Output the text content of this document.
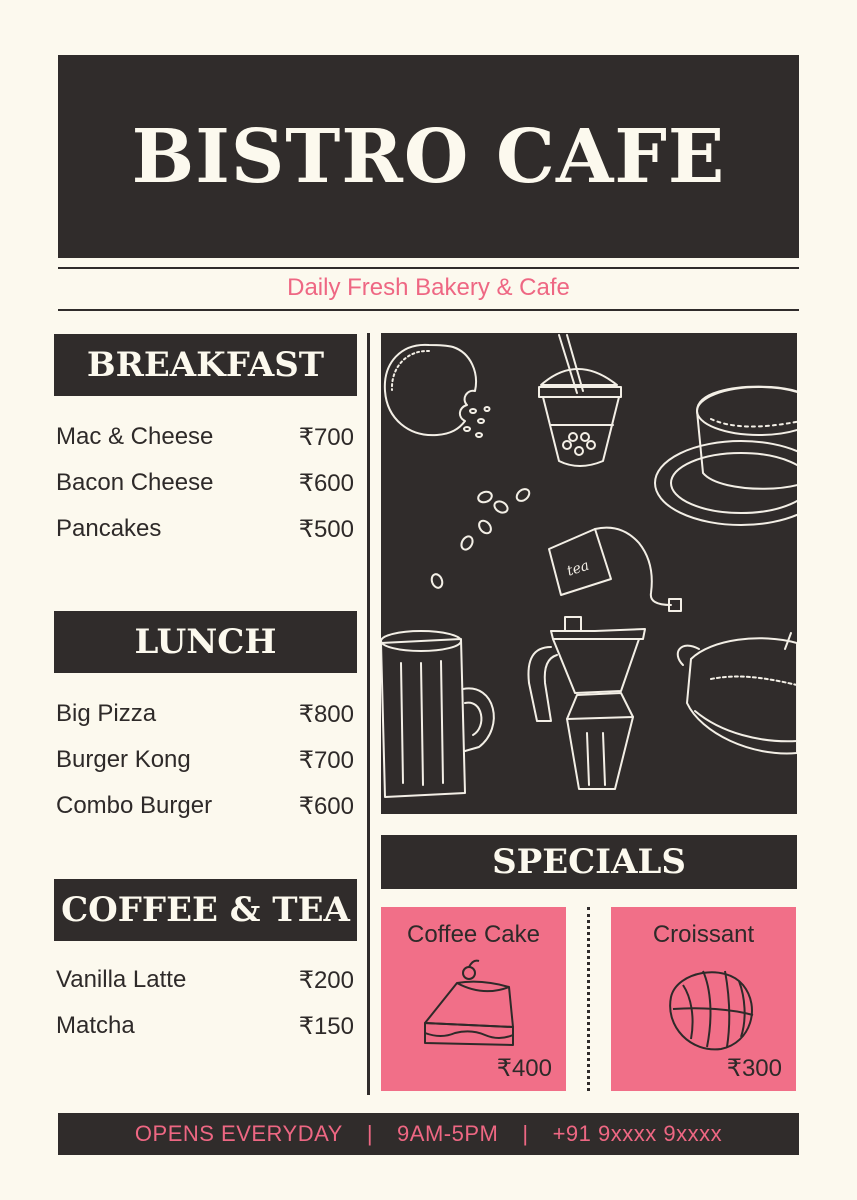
BISTRO CAFE
Daily Fresh Bakery & Cafe
BREAKFAST
Mac & Cheese	₹700
Bacon Cheese	₹600
Pancakes	₹500
LUNCH
Big Pizza	₹800
Burger Kong	₹700
Combo Burger	₹600
COFFEE & TEA
Vanilla Latte	₹200
Matcha	₹150
tea
SPECIALS
Coffee Cake
₹400
Croissant
₹300
OPENS EVERYDAY | 9AM-5PM | +91 9xxxx 9xxxx
